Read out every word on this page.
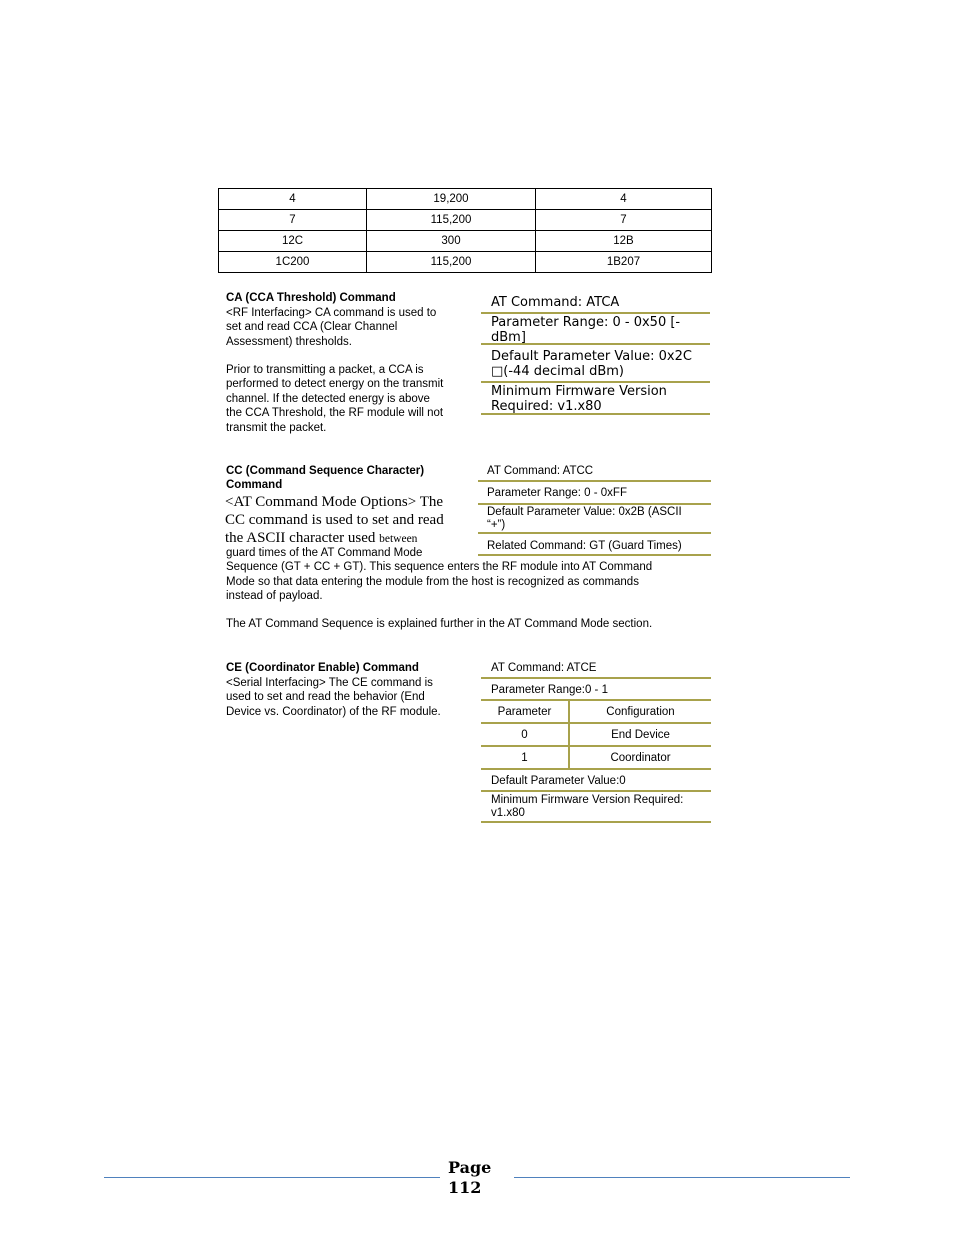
4	19,200	4
7	115,200	7
12C	300	12B
1C200	115,200	1B207
CA (CCA Threshold) Command
<RF Interfacing> CA command is used to
set and read CCA (Clear Channel
Assessment) thresholds.
Prior to transmitting a packet, a CCA is
performed to detect energy on the transmit
channel. If the detected energy is above
the CCA Threshold, the RF module will not
transmit the packet.
AT Command: ATCA
Parameter Range: 0 - 0x50 [-
dBm]
Default Parameter Value: 0x2C
□(-44 decimal dBm)
Minimum Firmware Version
Required: v1.x80
CC (Command Sequence Character)
Command
<AT Command Mode Options> The
CC command is used to set and read
the ASCII character used between
guard times of the AT Command Mode
Sequence (GT + CC + GT). This sequence enters the RF module into AT Command
Mode so that data entering the module from the host is recognized as commands
instead of payload.
The AT Command Sequence is explained further in the AT Command Mode section.
AT Command: ATCC
Parameter Range: 0 - 0xFF
Default Parameter Value: 0x2B (ASCII
“+”)
Related Command: GT (Guard Times)
CE (Coordinator Enable) Command
<Serial Interfacing> The CE command is
used to set and read the behavior (End
Device vs. Coordinator) of the RF module.
AT Command: ATCE
Parameter Range:0 - 1
Parameter	Configuration
0	End Device
1	Coordinator
Default Parameter Value:0
Minimum Firmware Version Required:
v1.x80
Page
112
